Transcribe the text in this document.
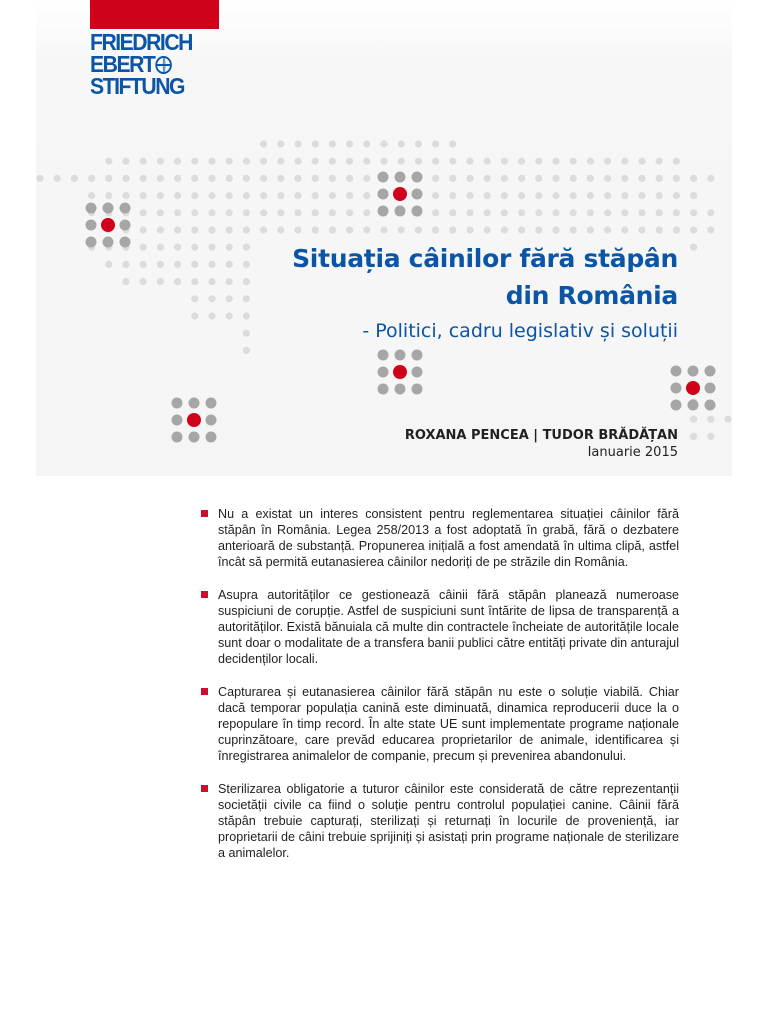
FRIEDRICH
EBERT
STIFTUNG
Situația câinilor fără stăpân
din România
- Politici, cadru legislativ și soluții
ROXANA PENCEA | TUDOR BRĂDĂȚAN
Ianuarie 2015
Nu a existat un interes consistent pentru reglementarea situației câinilor fără stăpân în România. Legea 258/2013 a fost adoptată în grabă, fără o dezbatere anterioară de substanță. Propunerea inițială a fost amendată în ultima clipă, astfel încât să permită eutanasierea câinilor nedoriți de pe străzile din România.
Asupra autorităților ce gestionează câinii fără stăpân planează numeroase suspiciuni de corupție. Astfel de suspiciuni sunt întărite de lipsa de transparență a autorităților. Există bănuiala că multe din contractele încheiate de autoritățile locale sunt doar o modalitate de a transfera banii publici către entități private din anturajul decidenților locali.
Capturarea și eutanasierea câinilor fără stăpân nu este o soluție viabilă. Chiar dacă temporar populația canină este diminuată, dinamica reproducerii duce la o repopulare în timp record. În alte state UE sunt implementate programe naționale cuprinzătoare, care prevăd educarea proprietarilor de animale, identificarea și înregistrarea animalelor de companie, precum și prevenirea abandonului.
Sterilizarea obligatorie a tuturor câinilor este considerată de către reprezentanții societății civile ca fiind o soluție pentru controlul populației canine. Câinii fără stăpân trebuie capturați, sterilizați și returnați în locurile de proveniență, iar proprietarii de câini trebuie sprijiniți și asistați prin programe naționale de sterilizare a animalelor.
